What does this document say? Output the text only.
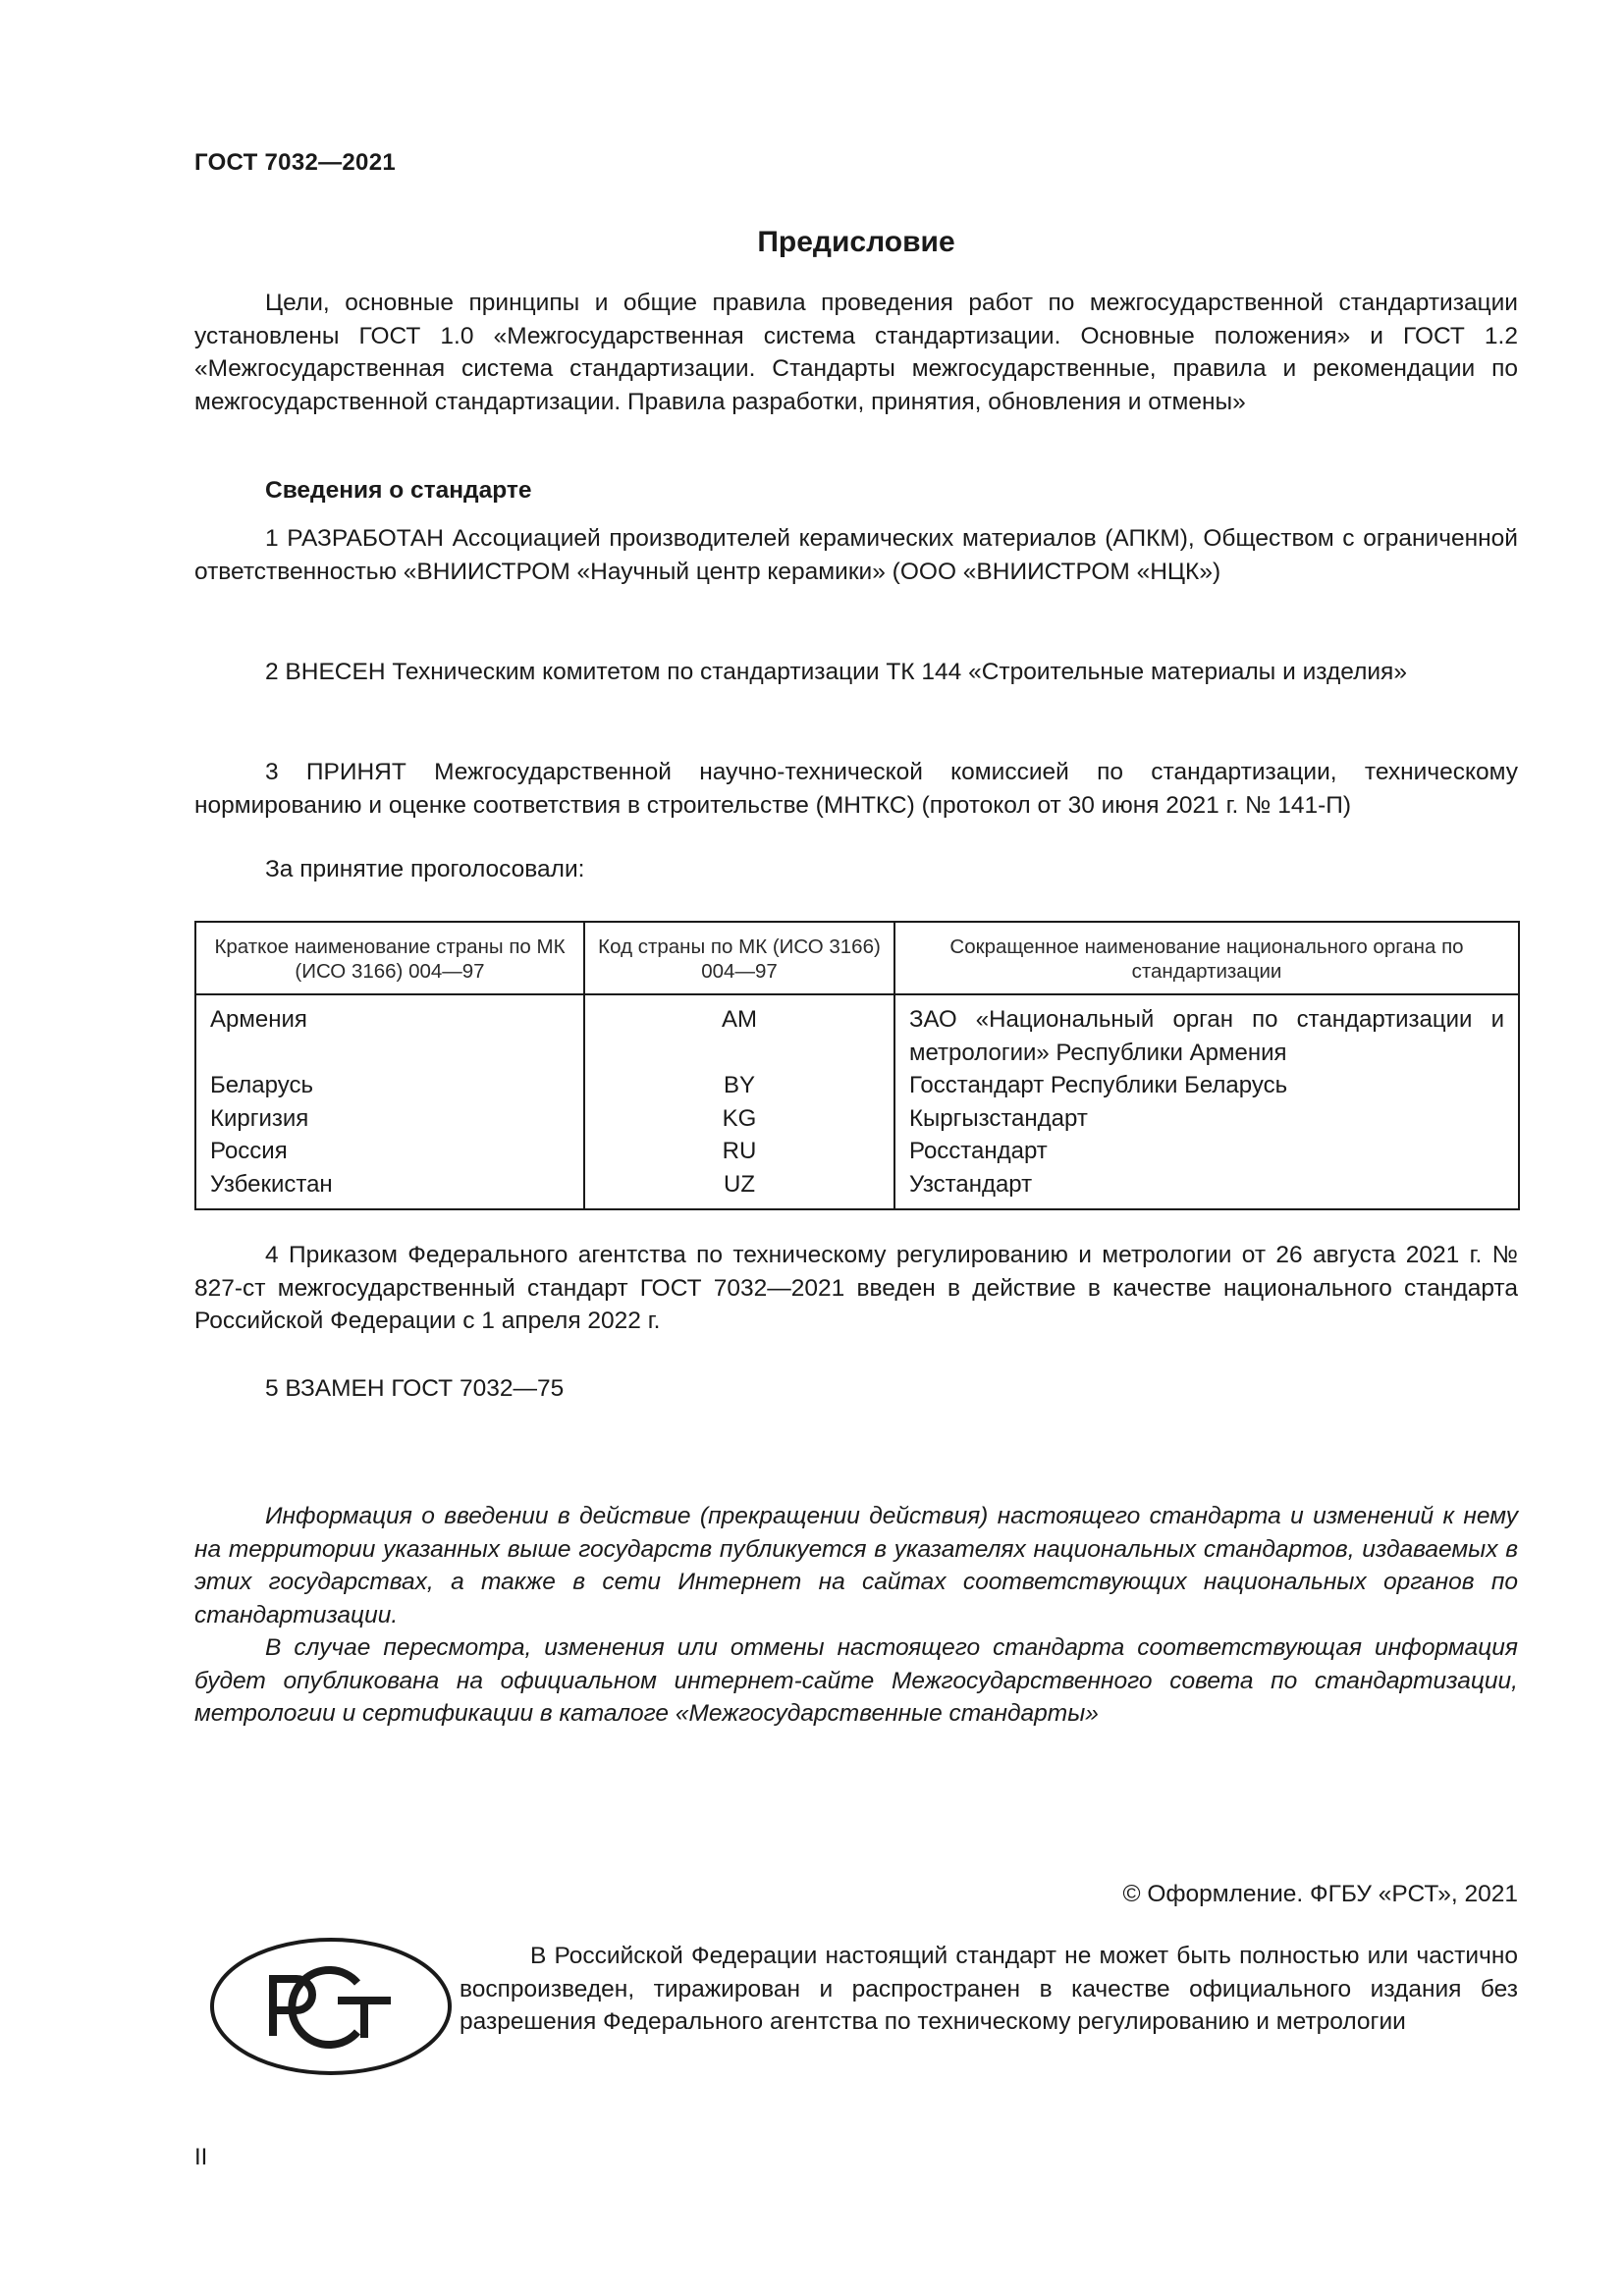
ГОСТ 7032—2021
Предисловие

Цели, основные принципы и общие правила проведения работ по межгосударственной стандартизации установлены ГОСТ 1.0 «Межгосударственная система стандартизации. Основные положения» и ГОСТ 1.2 «Межгосударственная система стандартизации. Стандарты межгосударственные, правила и рекомендации по межгосударственной стандартизации. Правила разработки, принятия, обновления и отмены»

Сведения о стандарте

1 РАЗРАБОТАН Ассоциацией производителей керамических материалов (АПКМ), Обществом с ограниченной ответственностью «ВНИИСТРОМ «Научный центр керамики» (ООО «ВНИИСТРОМ «НЦК»)

2 ВНЕСЕН Техническим комитетом по стандартизации ТК 144 «Строительные материалы и изделия»

3 ПРИНЯТ Межгосударственной научно-технической комиссией по стандартизации, техническому нормированию и оценке соответствия в строительстве (МНТКС) (протокол от 30 июня 2021 г. № 141-П)

За принятие проголосовали:
Краткое наименование страны по МК (ИСО 3166) 004—97	Код страны по МК (ИСО 3166) 004—97	Сокращенное наименование национального органа по стандартизации
Армения	AM	ЗАО «Национальный орган по стандартизации и метрологии» Республики Армения
Беларусь	BY	Госстандарт Республики Беларусь
Киргизия	KG	Кыргызстандарт
Россия	RU	Росстандарт
Узбекистан	UZ	Узстандарт

4 Приказом Федерального агентства по техническому регулированию и метрологии от 26 августа 2021 г. № 827-ст межгосударственный стандарт ГОСТ 7032—2021 введен в действие в качестве национального стандарта Российской Федерации с 1 апреля 2022 г.

5 ВЗАМЕН ГОСТ 7032—75

Информация о введении в действие (прекращении действия) настоящего стандарта и изменений к нему на территории указанных выше государств публикуется в указателях национальных стандартов, издаваемых в этих государствах, а также в сети Интернет на сайтах соответствующих национальных органов по стандартизации.

В случае пересмотра, изменения или отмены настоящего стандарта соответствующая информация будет опубликована на официальном интернет-сайте Межгосударственного совета по стандартизации, метрологии и сертификации в каталоге «Межгосударственные стандарты»

© Оформление. ФГБУ «РСТ», 2021

В Российской Федерации настоящий стандарт не может быть полностью или частично воспроизведен, тиражирован и распространен в качестве официального издания без разрешения Федерального агентства по техническому регулированию и метрологии

II
